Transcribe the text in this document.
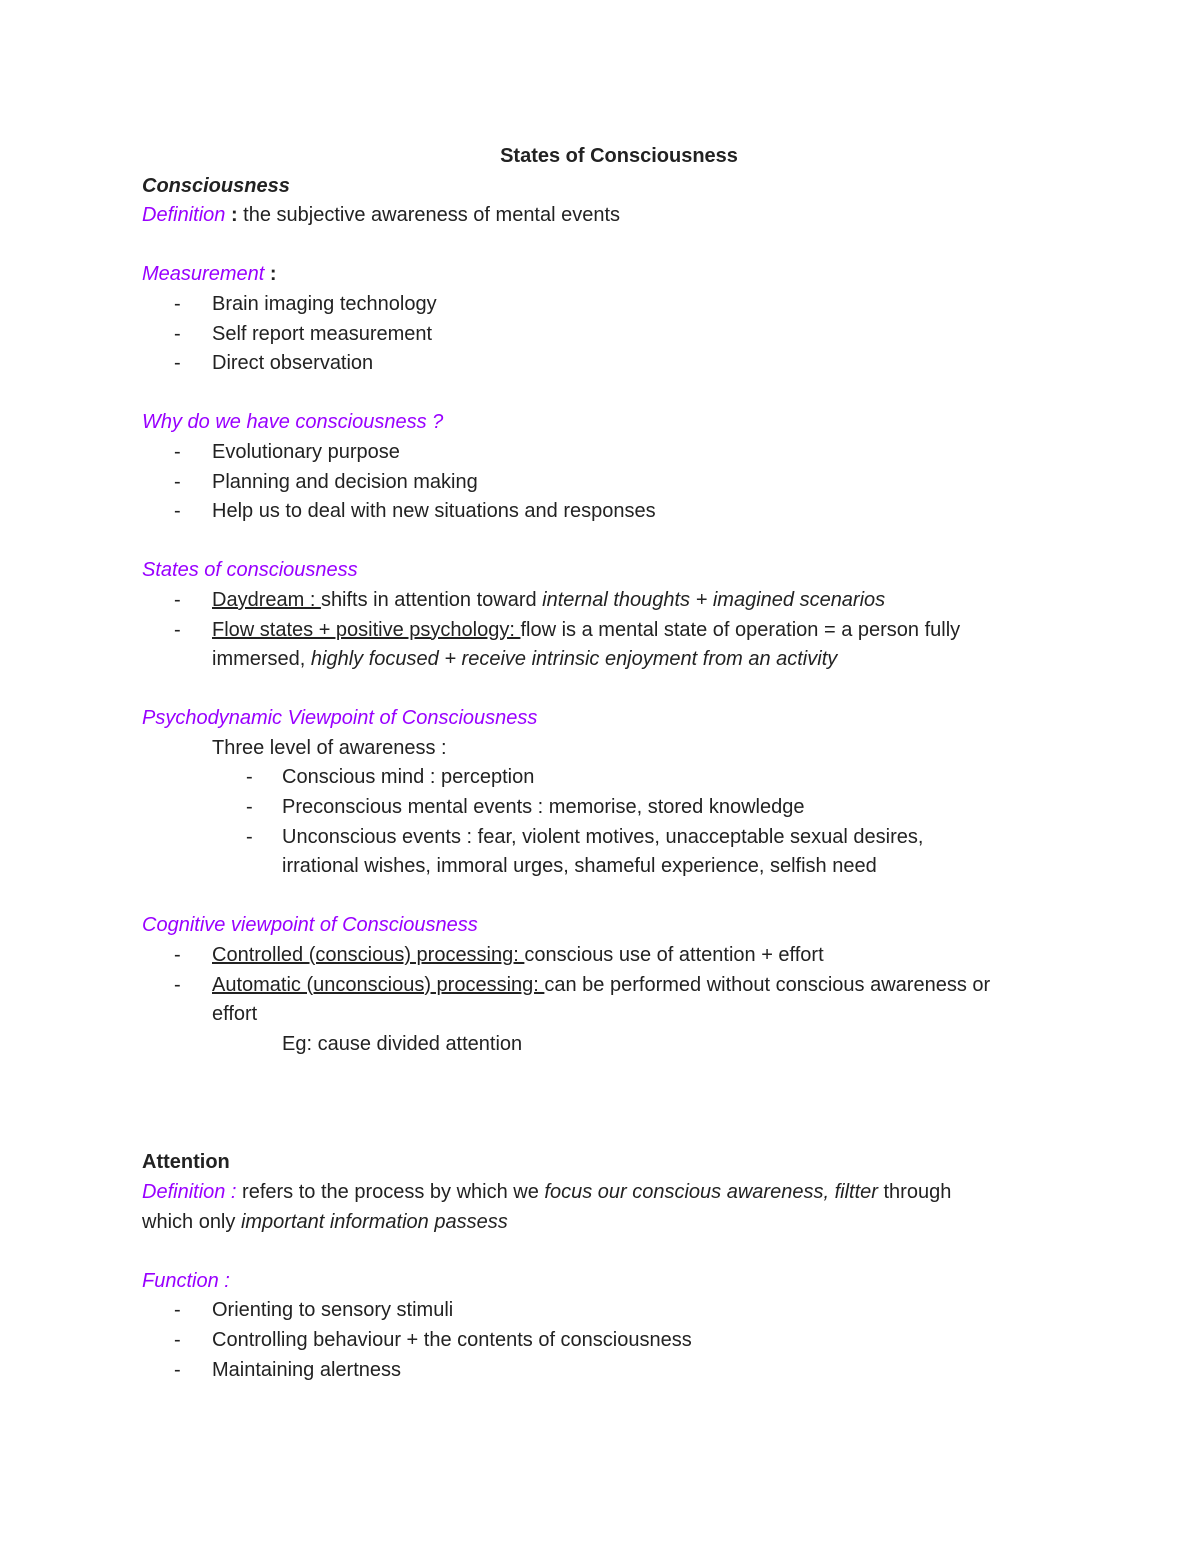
States of Consciousness
Consciousness
Definition : the subjective awareness of mental events
Measurement :
- Brain imaging technology
- Self report measurement
- Direct observation
Why do we have consciousness ?
- Evolutionary purpose
- Planning and decision making
- Help us to deal with new situations and responses
States of consciousness
- Daydream : shifts in attention toward internal thoughts + imagined scenarios
- Flow states + positive psychology: flow is a mental state of operation = a person fully
immersed, highly focused + receive intrinsic enjoyment from an activity
Psychodynamic Viewpoint of Consciousness
Three level of awareness :
- Conscious mind : perception
- Preconscious mental events : memorise, stored knowledge
- Unconscious events : fear, violent motives, unacceptable sexual desires,
irrational wishes, immoral urges, shameful experience, selfish need
Cognitive viewpoint of Consciousness
- Controlled (conscious) processing: conscious use of attention + effort
- Automatic (unconscious) processing: can be performed without conscious awareness or
effort
Eg: cause divided attention
Attention
Definition : refers to the process by which we focus our conscious awareness, filtter through
which only important information passess
Function :
- Orienting to sensory stimuli
- Controlling behaviour + the contents of consciousness
- Maintaining alertness
